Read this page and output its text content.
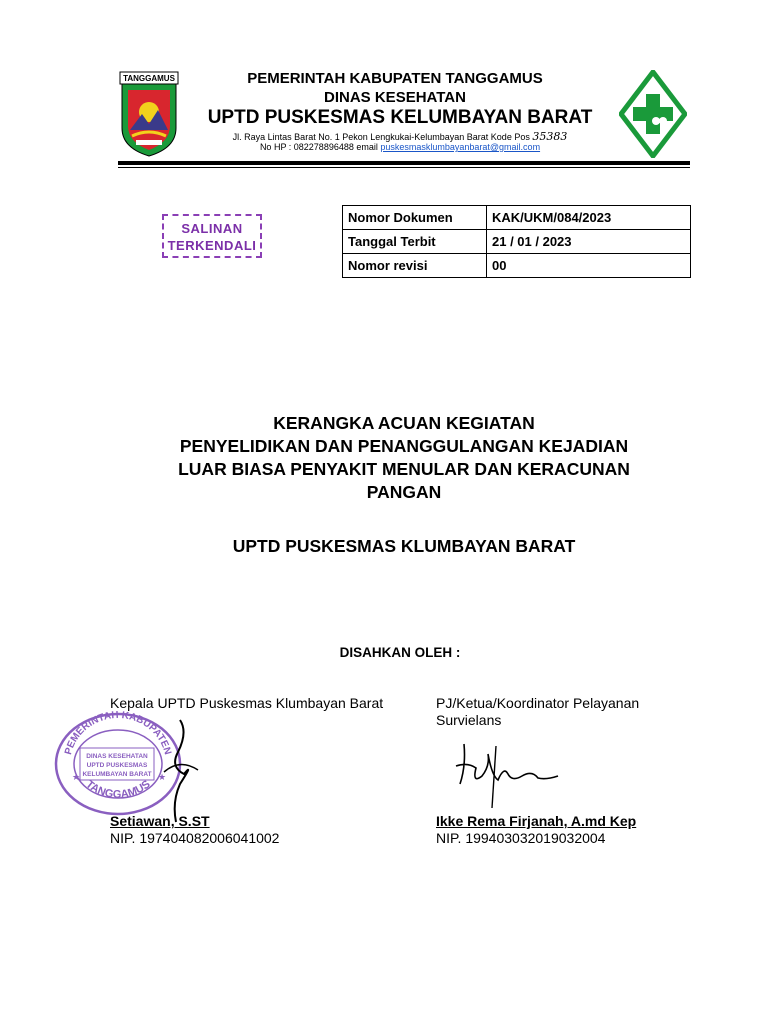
TANGGAMUS	PEMERINTAH KABUPATEN TANGGAMUS
DINAS KESEHATAN
UPTD PUSKESMAS KELUMBAYAN BARAT
Jl. Raya Lintas Barat No. 1 Pekon Lengkukai-Kelumbayan Barat Kode Pos 35383
No HP : 082278896488 email puskesmasklumbayanbarat@gmail.com
SALINAN
TERKENDALI
Nomor Dokumen	KAK/UKM/084/2023
Tanggal Terbit	21 / 01 / 2023
Nomor revisi	00
KERANGKA ACUAN KEGIATAN
PENYELIDIKAN DAN PENANGGULANGAN KEJADIAN
LUAR BIASA PENYAKIT MENULAR DAN KERACUNAN
PANGAN
UPTD PUSKESMAS KLUMBAYAN BARAT
DISAHKAN OLEH :
PEMERINTAH KABUPATEN
TANGGAMUS
DINAS KESEHATAN
UPTD PUSKESMAS
KELUMBAYAN BARAT
★	★
Kepala UPTD Puskesmas Klumbayan Barat	PJ/Ketua/Koordinator Pelayanan
Survielans
Setiawan, S.ST
NIP. 197404082006041002
Ikke Rema Firjanah, A.md Kep
NIP. 199403032019032004
